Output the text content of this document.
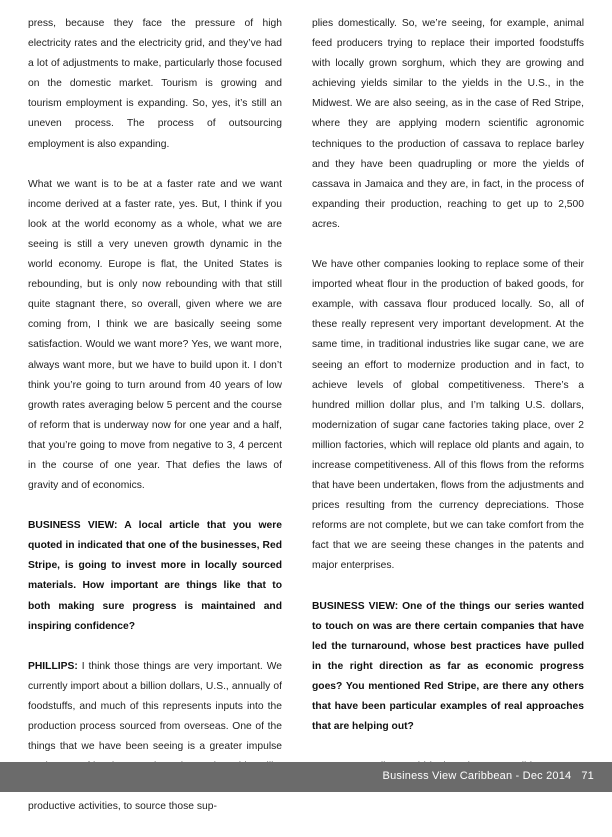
press, because they face the pressure of high electricity rates and the electricity grid, and they’ve had a lot of adjustments to make, particularly those focused on the domestic market. Tourism is growing and tourism employment is expanding. So, yes, it’s still an uneven process. The process of outsourcing employment is also expanding.

What we want is to be at a faster rate and we want income derived at a faster rate, yes. But, I think if you look at the world economy as a whole, what we are seeing is still a very uneven growth dynamic in the world economy. Europe is flat, the United States is rebounding, but is only now rebounding with that still quite stagnant there, so overall, given where we are coming from, I think we are basically seeing some satisfaction. Would we want more? Yes, we want more, always want more, but we have to build upon it. I don’t think you’re going to turn around from 40 years of low growth rates averaging below 5 percent and the course of reform that is underway now for one year and a half, that you’re going to move from negative to 3, 4 percent in the course of one year. That defies the laws of gravity and of economics.

BUSINESS VIEW: A local article that you were quoted in indicated that one of the businesses, Red Stripe, is going to invest more in locally sourced materials. How important are things like that to both making sure progress is maintained and inspiring confidence?

PHILLIPS: I think those things are very important. We currently import about a billion dollars, U.S., annually of foodstuffs, and much of this represents inputs into the production process sourced from overseas. One of the things that we have been seeing is a greater impulse productive activities, to source those sup-

plies domestically. So, we’re seeing, for example, animal feed producers trying to replace their imported foodstuffs with locally grown sorghum, which they are growing and achieving yields similar to the yields in the U.S., in the Midwest. We are also seeing, as in the case of Red Stripe, where they are applying modern scientific agronomic techniques to the production of cassava to replace barley and they have been quadrupling or more the yields of cassava in Jamaica and they are, in fact, in the process of expanding their production, reaching to get up to 2,500 acres.

We have other companies looking to replace some of their imported wheat flour in the production of baked goods, for example, with cassava flour produced locally. So, all of these really represent very important development. At the same time, in traditional industries like sugar cane, we are seeing an effort to modernize production and in fact, to achieve levels of global competitiveness. There’s a hundred million dollar plus, and I’m talking U.S. dollars, modernization of sugar cane factories taking place, over 2 million factories, which will replace old plants and again, to increase competitiveness. All of this flows from the reforms that have been undertaken, flows from the adjustments and prices resulting from the currency depreciations. Those reforms are not complete, but we can take comfort from the fact that we are seeing these changes in the patents and major enterprises.

BUSINESS VIEW: One of the things our series wanted to touch on was are there certain companies that have led the turnaround, whose best practices have pulled in the right direction as far as economic progress goes? You mentioned Red Stripe, are there any others that have been particular examples of real approaches that are helping out?

Business View Caribbean - Dec 2014 71
